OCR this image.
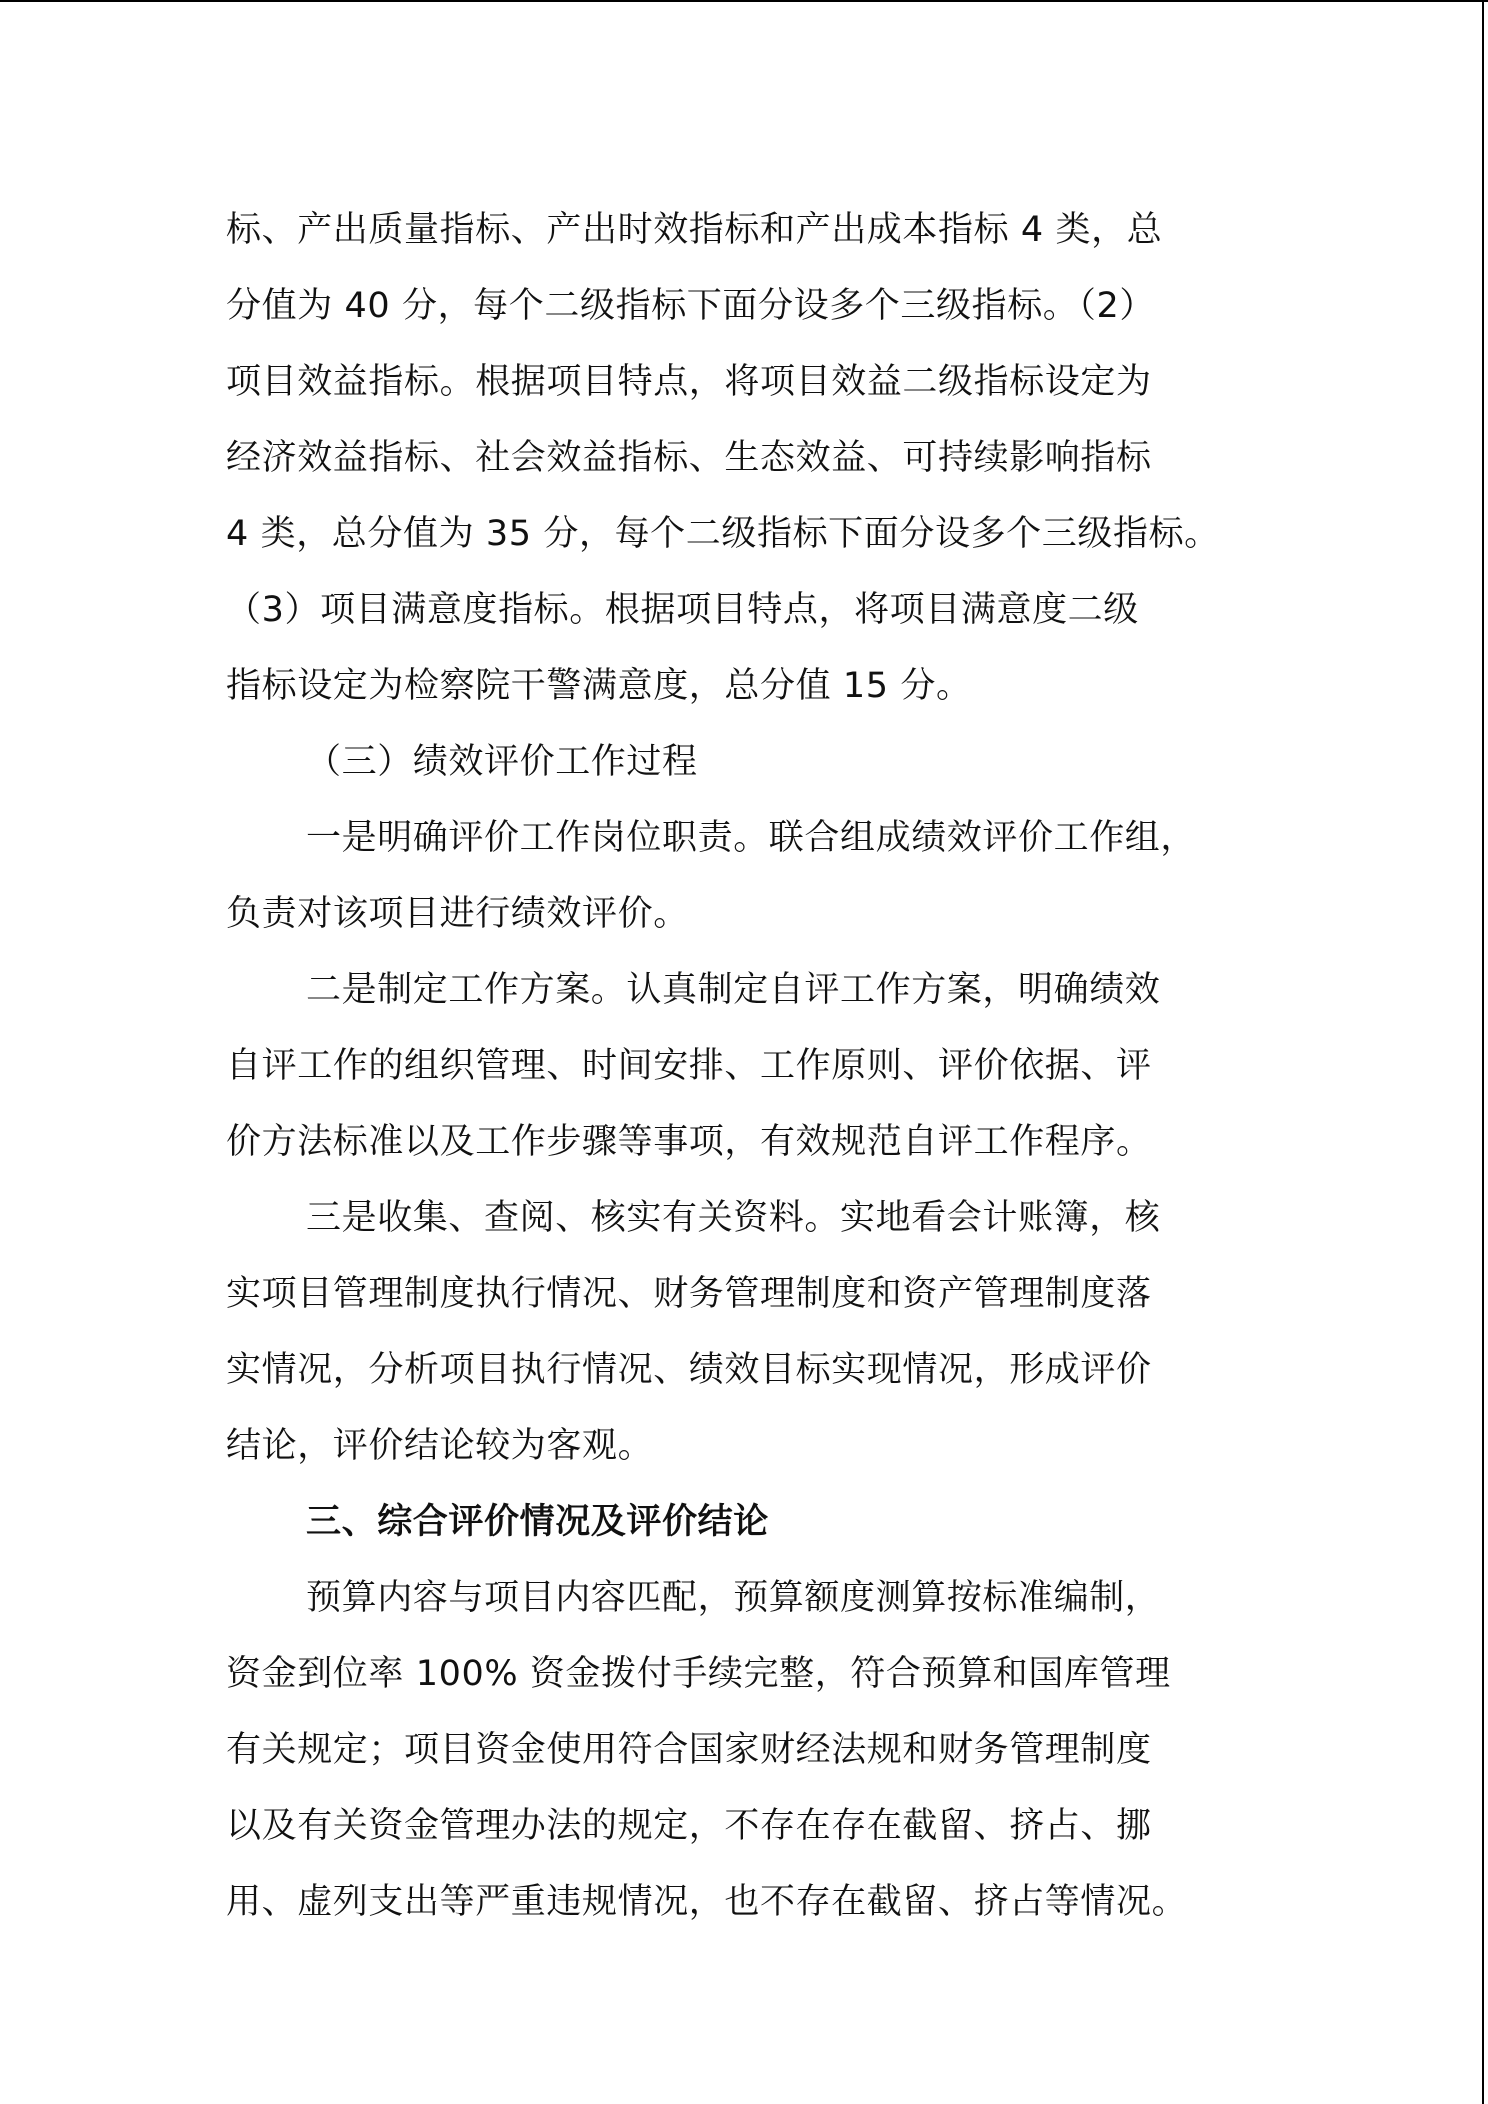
标、产出质量指标、产出时效指标和产出成本指标 4 类，总
分值为 40 分，每个二级指标下面分设多个三级指标。（2）
项目效益指标。根据项目特点，将项目效益二级指标设定为
经济效益指标、社会效益指标、生态效益、可持续影响指标
4 类，总分值为 35 分，每个二级指标下面分设多个三级指标。
（3）项目满意度指标。根据项目特点，将项目满意度二级
指标设定为检察院干警满意度，总分值 15 分。
（三）绩效评价工作过程
一是明确评价工作岗位职责。联合组成绩效评价工作组，
负责对该项目进行绩效评价。
二是制定工作方案。认真制定自评工作方案，明确绩效
自评工作的组织管理、时间安排、工作原则、评价依据、评
价方法标准以及工作步骤等事项，有效规范自评工作程序。
三是收集、查阅、核实有关资料。实地看会计账簿，核
实项目管理制度执行情况、财务管理制度和资产管理制度落
实情况，分析项目执行情况、绩效目标实现情况，形成评价
结论，评价结论较为客观。
三、综合评价情况及评价结论
预算内容与项目内容匹配，预算额度测算按标准编制，
资金到位率 100% 资金拨付手续完整，符合预算和国库管理
有关规定；项目资金使用符合国家财经法规和财务管理制度
以及有关资金管理办法的规定，不存在存在截留、挤占、挪
用、虚列支出等严重违规情况，也不存在截留、挤占等情况。
